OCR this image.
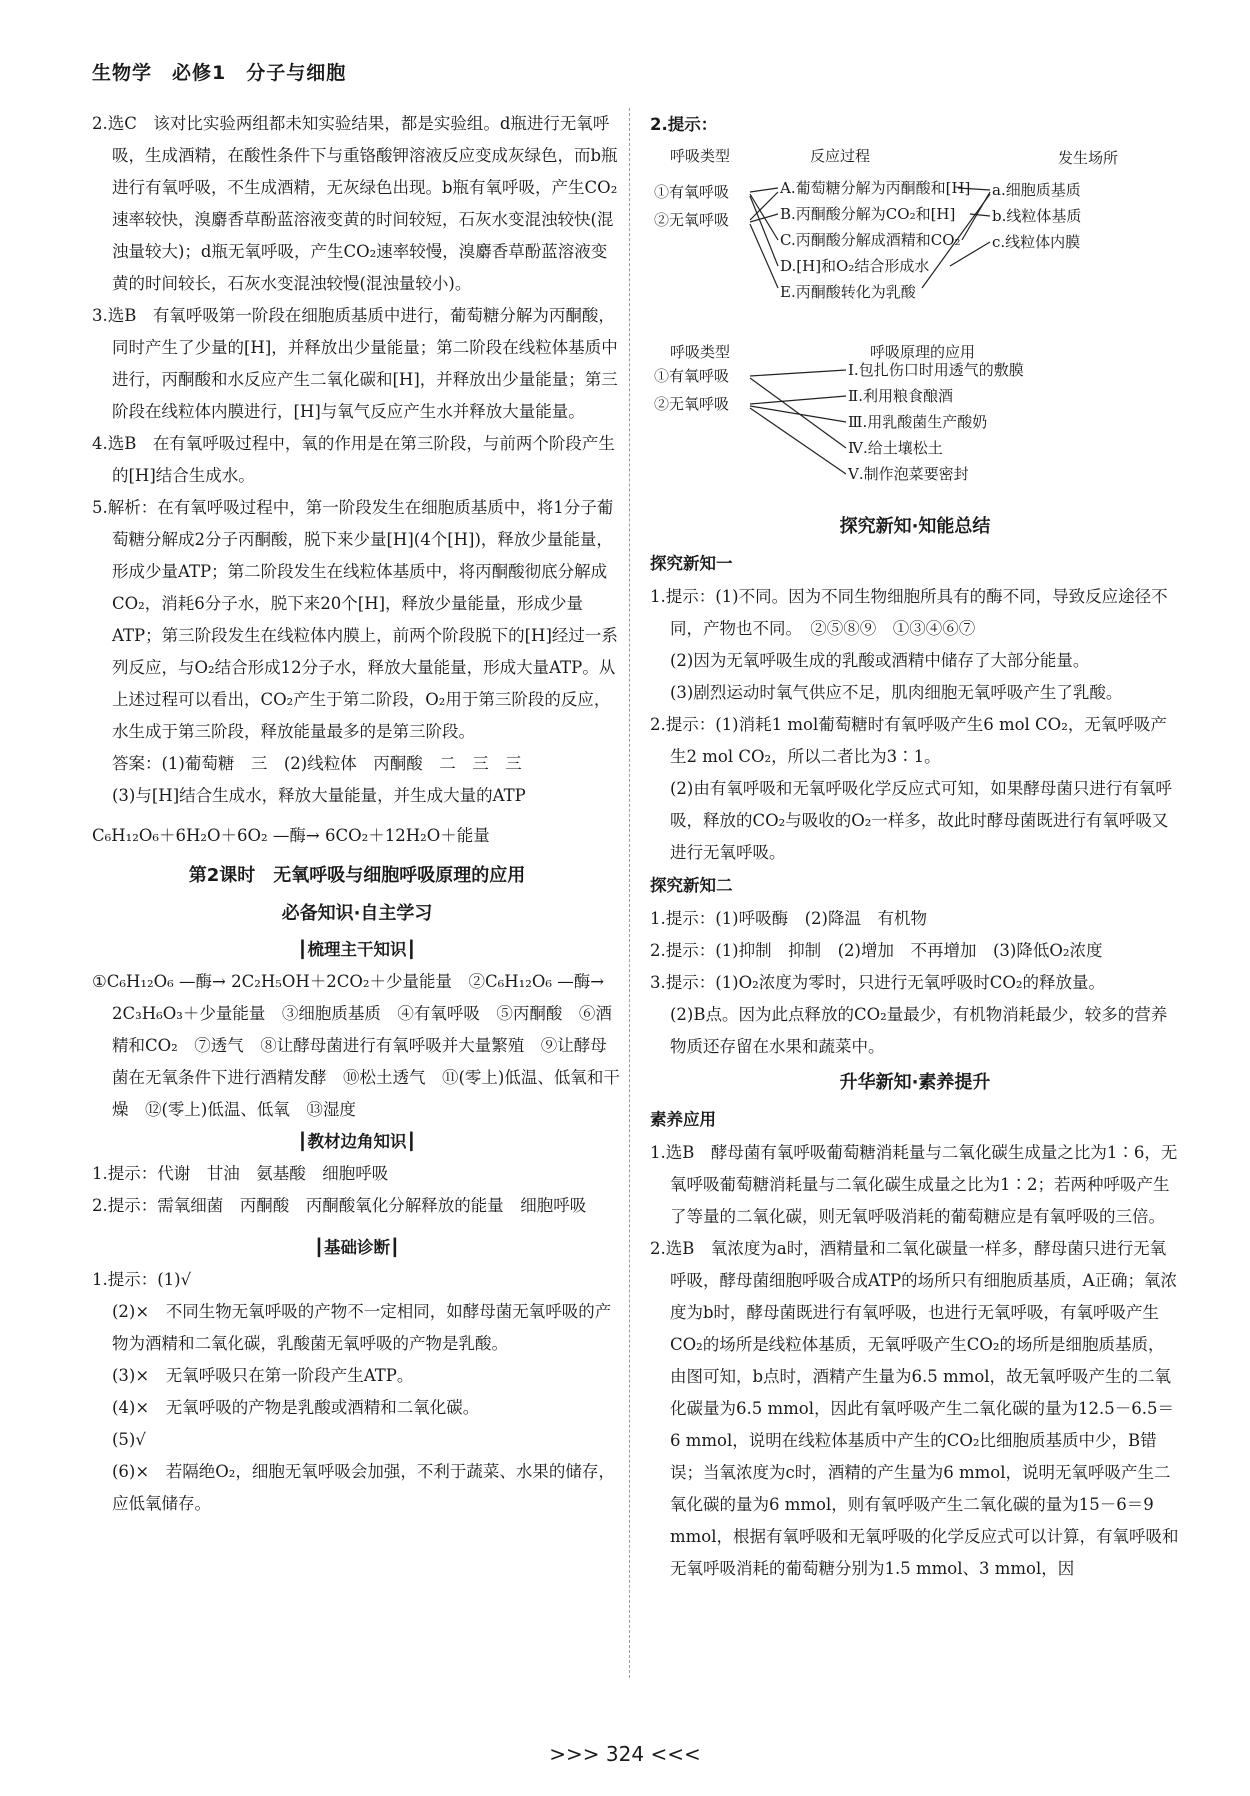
生物学　必修1　分子与细胞

2.选C　该对比实验两组都未知实验结果，都是实验组。d瓶进行无氧呼吸，生成酒精，在酸性条件下与重铬酸钾溶液反应变成灰绿色，而b瓶进行有氧呼吸，不生成酒精，无灰绿色出现。b瓶有氧呼吸，产生CO₂速率较快，溴麝香草酚蓝溶液变黄的时间较短，石灰水变混浊较快(混浊量较大)；d瓶无氧呼吸，产生CO₂速率较慢，溴麝香草酚蓝溶液变黄的时间较长，石灰水变混浊较慢(混浊量较小)。

3.选B　有氧呼吸第一阶段在细胞质基质中进行，葡萄糖分解为丙酮酸，同时产生了少量的[H]，并释放出少量能量；第二阶段在线粒体基质中进行，丙酮酸和水反应产生二氧化碳和[H]，并释放出少量能量；第三阶段在线粒体内膜进行，[H]与氧气反应产生水并释放大量能量。

4.选B　在有氧呼吸过程中，氧的作用是在第三阶段，与前两个阶段产生的[H]结合生成水。

5.解析：在有氧呼吸过程中，第一阶段发生在细胞质基质中，将1分子葡萄糖分解成2分子丙酮酸，脱下来少量[H](4个[H])，释放少量能量，形成少量ATP；第二阶段发生在线粒体基质中，将丙酮酸彻底分解成CO₂，消耗6分子水，脱下来20个[H]，释放少量能量，形成少量ATP；第三阶段发生在线粒体内膜上，前两个阶段脱下的[H]经过一系列反应，与O₂结合形成12分子水，释放大量能量，形成大量ATP。从上述过程可以看出，CO₂产生于第二阶段，O₂用于第三阶段的反应，水生成于第三阶段，释放能量最多的是第三阶段。

答案：(1)葡萄糖　三　(2)线粒体　丙酮酸　二　三　三

(3)与[H]结合生成水，释放大量能量，并生成大量的ATP

C₆H₁₂O₆＋6H₂O＋6O₂ —酶→ 6CO₂＋12H₂O＋能量

第2课时　无氧呼吸与细胞呼吸原理的应用
必备知识·自主学习
┃梳理主干知识┃

①C₆H₁₂O₆ —酶→ 2C₂H₅OH＋2CO₂＋少量能量　②C₆H₁₂O₆ —酶→ 2C₃H₆O₃＋少量能量　③细胞质基质　④有氧呼吸　⑤丙酮酸　⑥酒精和CO₂　⑦透气　⑧让酵母菌进行有氧呼吸并大量繁殖　⑨让酵母菌在无氧条件下进行酒精发酵　⑩松土透气　⑪(零上)低温、低氧和干燥　⑫(零上)低温、低氧　⑬湿度

┃教材边角知识┃

1.提示：代谢　甘油　氨基酸　细胞呼吸

2.提示：需氧细菌　丙酮酸　丙酮酸氧化分解释放的能量　细胞呼吸

┃基础诊断┃

1.提示：(1)√

(2)×　不同生物无氧呼吸的产物不一定相同，如酵母菌无氧呼吸的产物为酒精和二氧化碳，乳酸菌无氧呼吸的产物是乳酸。

(3)×　无氧呼吸只在第一阶段产生ATP。

(4)×　无氧呼吸的产物是乳酸或酒精和二氧化碳。

(5)√

(6)×　若隔绝O₂，细胞无氧呼吸会加强，不利于蔬菜、水果的储存，应低氧储存。

2.提示：

呼吸类型	反应过程	发生场所
①有氧呼吸
②无氧呼吸
A.葡萄糖分解为丙酮酸和[H]
B.丙酮酸分解为CO₂和[H]
C.丙酮酸分解成酒精和CO₂
D.[H]和O₂结合形成水
E.丙酮酸转化为乳酸
a.细胞质基质
b.线粒体基质
c.线粒体内膜
呼吸类型	呼吸原理的应用
①有氧呼吸
②无氧呼吸
Ⅰ.包扎伤口时用透气的敷膜
Ⅱ.利用粮食酿酒
Ⅲ.用乳酸菌生产酸奶
Ⅳ.给土壤松土
Ⅴ.制作泡菜要密封
探究新知·知能总结

探究新知一

1.提示：(1)不同。因为不同生物细胞所具有的酶不同，导致反应途径不同，产物也不同。　②⑤⑧⑨　①③④⑥⑦

(2)因为无氧呼吸生成的乳酸或酒精中储存了大部分能量。

(3)剧烈运动时氧气供应不足，肌肉细胞无氧呼吸产生了乳酸。

2.提示：(1)消耗1 mol葡萄糖时有氧呼吸产生6 mol CO₂，无氧呼吸产生2 mol CO₂，所以二者比为3∶1。

(2)由有氧呼吸和无氧呼吸化学反应式可知，如果酵母菌只进行有氧呼吸，释放的CO₂与吸收的O₂一样多，故此时酵母菌既进行有氧呼吸又进行无氧呼吸。

探究新知二

1.提示：(1)呼吸酶　(2)降温　有机物

2.提示：(1)抑制　抑制　(2)增加　不再增加　(3)降低O₂浓度

3.提示：(1)O₂浓度为零时，只进行无氧呼吸时CO₂的释放量。

(2)B点。因为此点释放的CO₂量最少，有机物消耗最少，较多的营养物质还存留在水果和蔬菜中。

升华新知·素养提升

素养应用

1.选B　酵母菌有氧呼吸葡萄糖消耗量与二氧化碳生成量之比为1∶6，无氧呼吸葡萄糖消耗量与二氧化碳生成量之比为1∶2；若两种呼吸产生了等量的二氧化碳，则无氧呼吸消耗的葡萄糖应是有氧呼吸的三倍。

2.选B　氧浓度为a时，酒精量和二氧化碳量一样多，酵母菌只进行无氧呼吸，酵母菌细胞呼吸合成ATP的场所只有细胞质基质，A正确；氧浓度为b时，酵母菌既进行有氧呼吸，也进行无氧呼吸，有氧呼吸产生CO₂的场所是线粒体基质，无氧呼吸产生CO₂的场所是细胞质基质，由图可知，b点时，酒精产生量为6.5 mmol，故无氧呼吸产生的二氧化碳量为6.5 mmol，因此有氧呼吸产生二氧化碳的量为12.5－6.5＝6 mmol，说明在线粒体基质中产生的CO₂比细胞质基质中少，B错误；当氧浓度为c时，酒精的产生量为6 mmol，说明无氧呼吸产生二氧化碳的量为6 mmol，则有氧呼吸产生二氧化碳的量为15－6＝9 mmol，根据有氧呼吸和无氧呼吸的化学反应式可以计算，有氧呼吸和无氧呼吸消耗的葡萄糖分别为1.5 mmol、3 mmol，因

>>> 324 <<<
